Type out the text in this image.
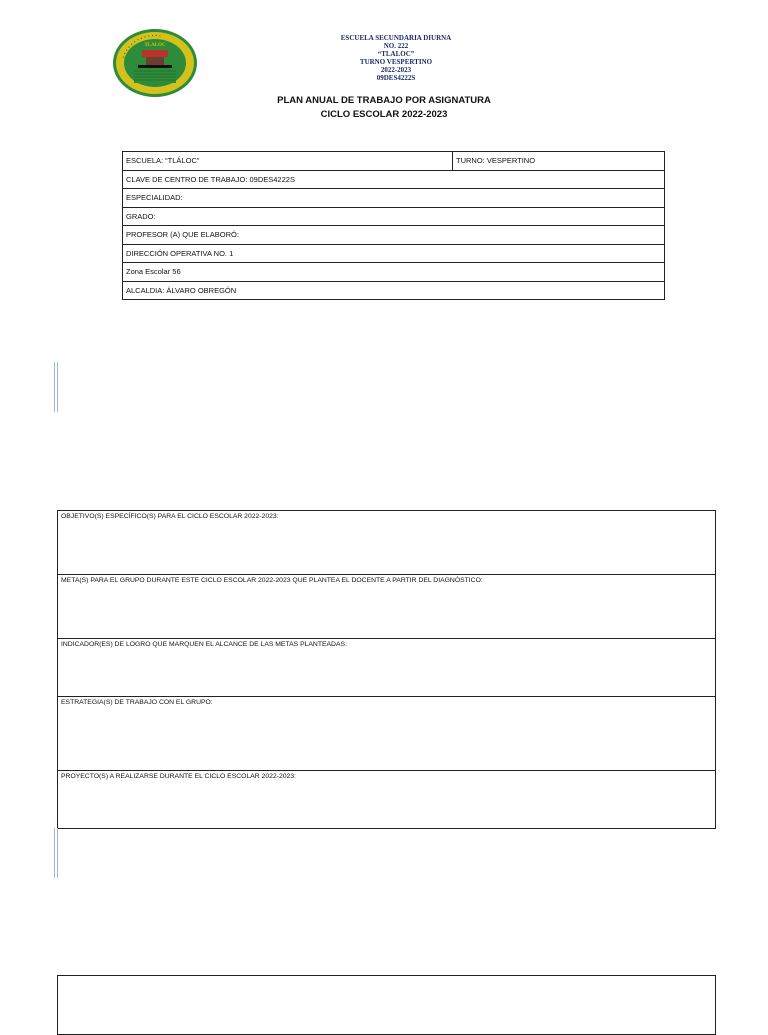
• • • • • • • • • • • • •
TLALOC
ESCUELA SECUNDARIA DIURNA
NO. 222
“TLALOC”
TURNO VESPERTINO
2022-2023
09DES4222S
PLAN ANUAL DE TRABAJO POR ASIGNATURA
CICLO ESCOLAR 2022-2023
ESCUELA: “TLÁLOC”	TURNO: VESPERTINO
CLAVE DE CENTRO DE TRABAJO: 09DES4222S
ESPECIALIDAD:
GRADO:
PROFESOR (A) QUE ELABORÓ:
DIRECCIÓN OPERATIVA NO. 1
Zona Escolar 56
ALCALDIA: ÁLVARO OBREGÓN
OBJETIVO(S) ESPECÍFICO(S) PARA EL CICLO ESCOLAR 2022-2023:
META(S) PARA EL GRUPO DURANTE ESTE CICLO ESCOLAR 2022-2023 QUE PLANTEA EL DOCENTE A PARTIR DEL DIAGNÓSTICO:
INDICADOR(ES) DE LOGRO QUE MARQUEN EL ALCANCE DE LAS METAS PLANTEADAS:
ESTRATEGIA(S) DE TRABAJO CON EL GRUPO:
PROYECTO(S) A REALIZARSE DURANTE EL CICLO ESCOLAR 2022-2023:
